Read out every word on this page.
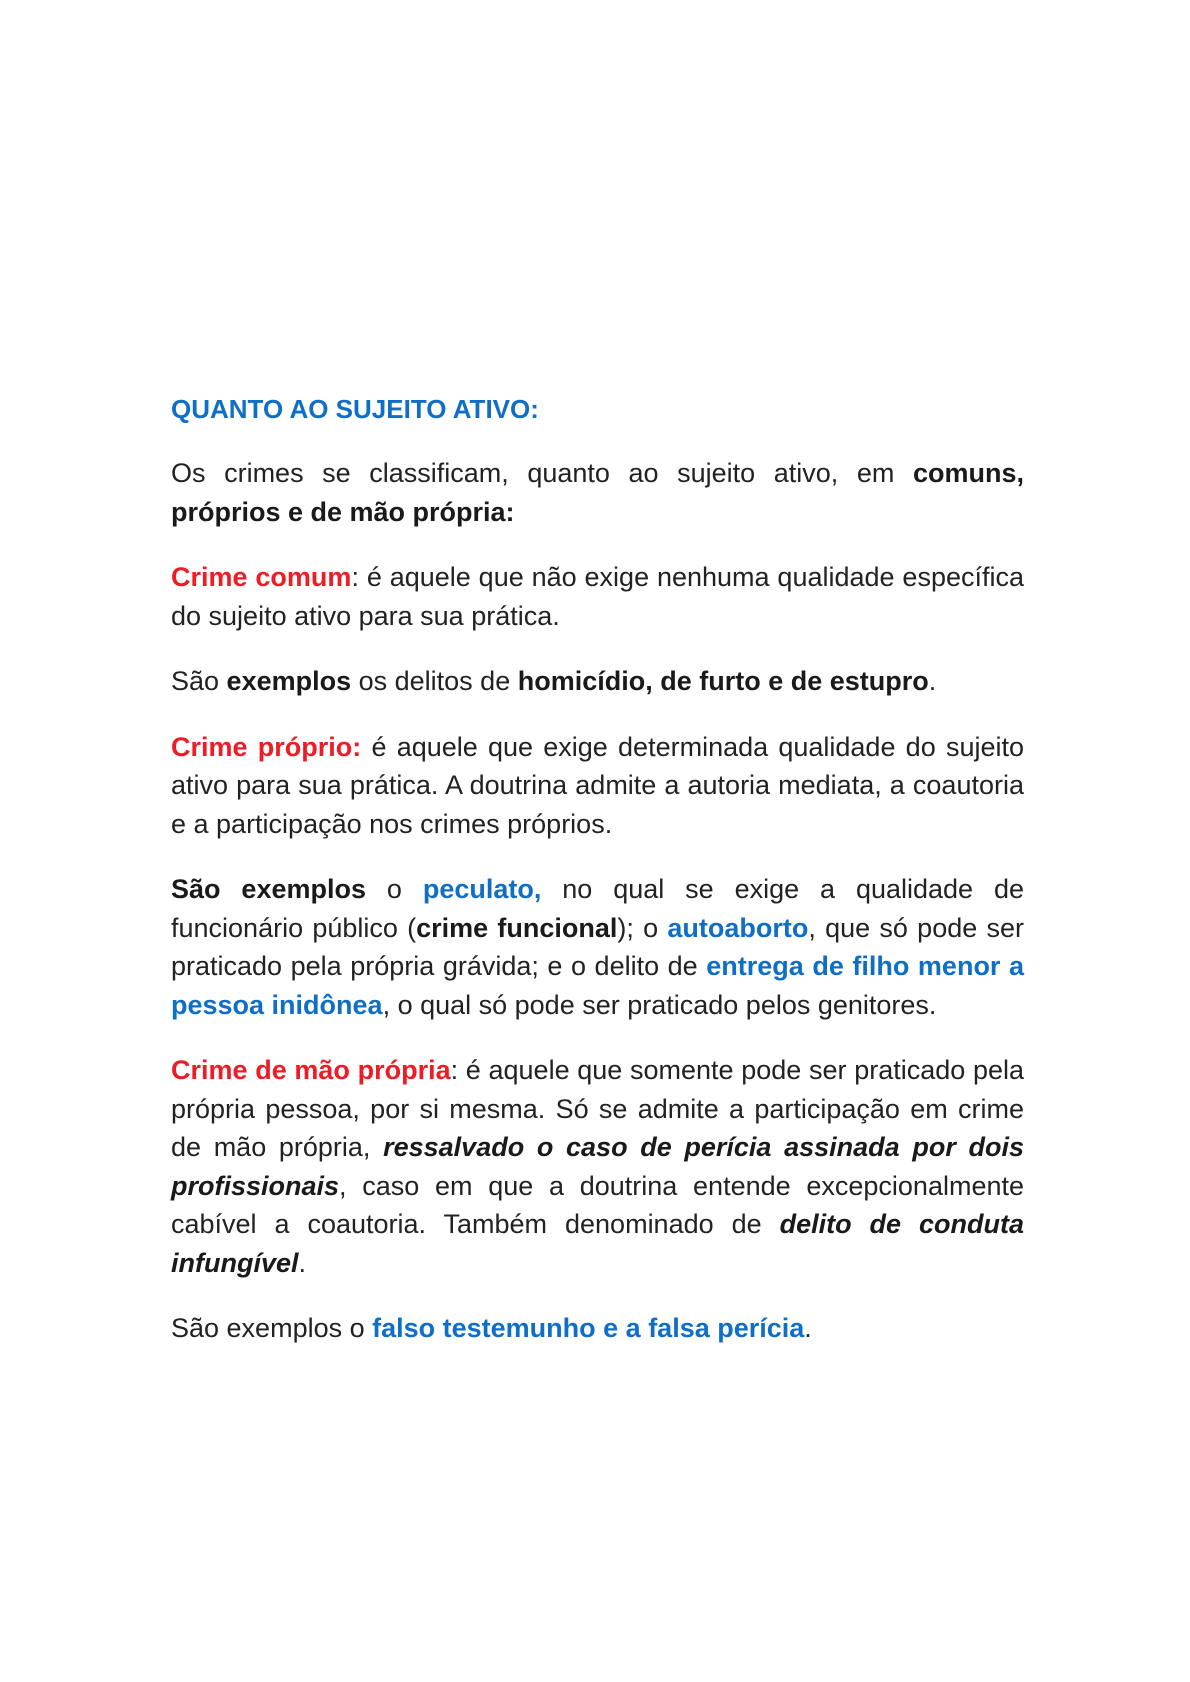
QUANTO AO SUJEITO ATIVO:

Os crimes se classificam, quanto ao sujeito ativo, em comuns, próprios e de mão própria:

Crime comum: é aquele que não exige nenhuma qualidade específica do sujeito ativo para sua prática.

São exemplos os delitos de homicídio, de furto e de estupro.

Crime próprio: é aquele que exige determinada qualidade do sujeito ativo para sua prática. A doutrina admite a autoria mediata, a coautoria e a participação nos crimes próprios.

São exemplos o peculato, no qual se exige a qualidade de funcionário público (crime funcional); o autoaborto, que só pode ser praticado pela própria grávida; e o delito de entrega de filho menor a pessoa inidônea, o qual só pode ser praticado pelos genitores.

Crime de mão própria: é aquele que somente pode ser praticado pela própria pessoa, por si mesma. Só se admite a participação em crime de mão própria, ressalvado o caso de perícia assinada por dois profissionais, caso em que a doutrina entende excepcionalmente cabível a coautoria. Também denominado de delito de conduta infungível.

São exemplos o falso testemunho e a falsa perícia.
